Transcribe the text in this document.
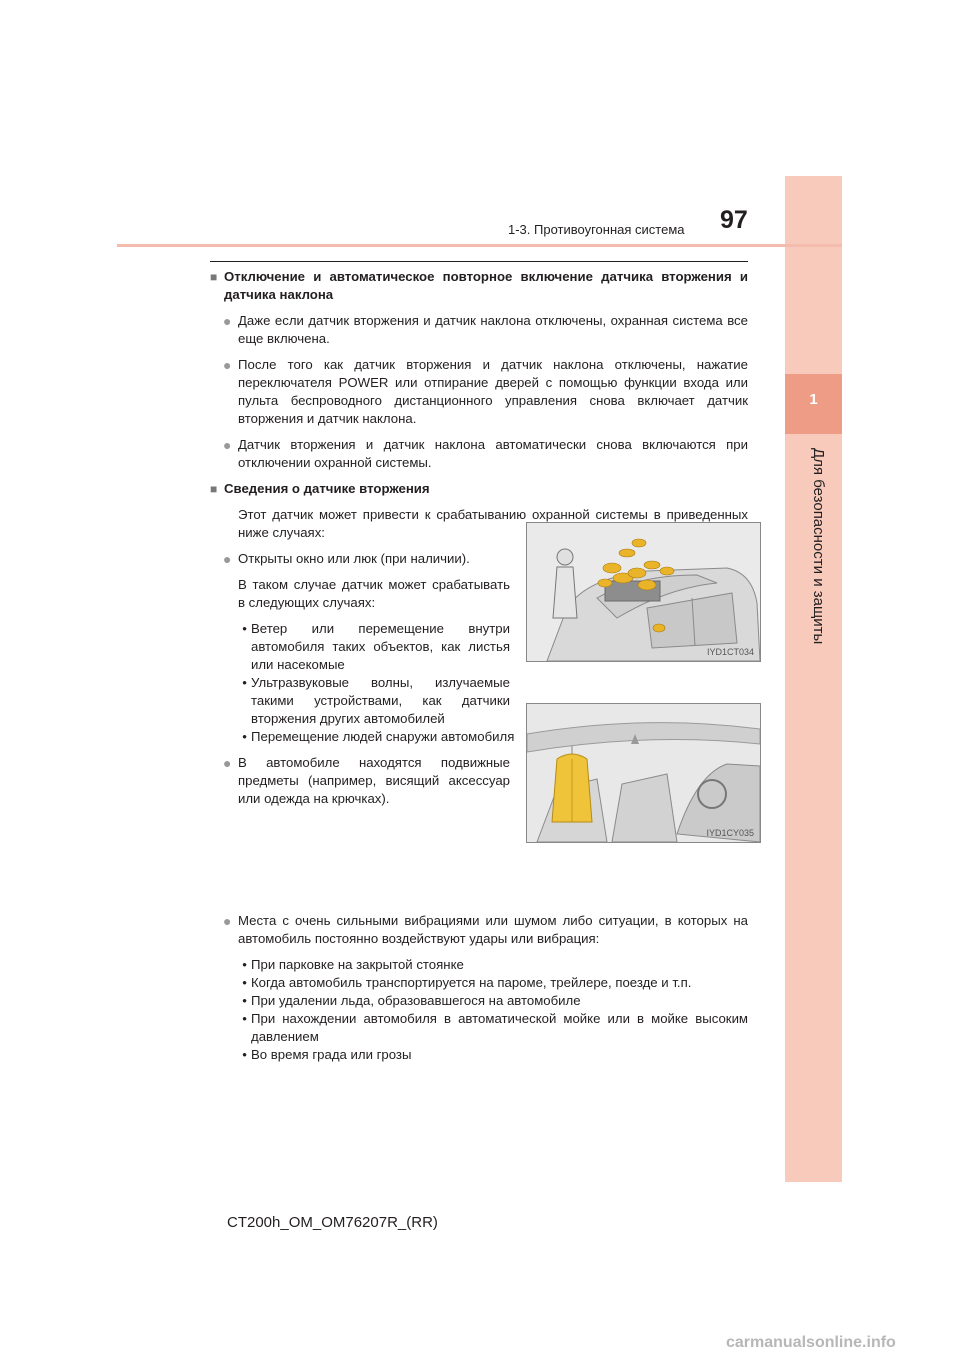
1
Для безопасности и защиты
1-3. Противоугонная система 97
■ Отключение и автоматическое повторное включение датчика вторжения и датчика наклона
● Даже если датчик вторжения и датчик наклона отключены, охранная система все еще включена.

● После того как датчик вторжения и датчик наклона отключены, нажатие переключателя POWER или отпирание дверей с помощью функции входа или пульта беспроводного дистанционного управления снова включает датчик вторжения и датчик наклона.

● Датчик вторжения и датчик наклона автоматически снова включаются при отключении охранной системы.

■ Сведения о датчике вторжения

Этот датчик может привести к срабатыванию охранной системы в приведенных ниже случаях:

● Открыты окно или люк (при наличии).

В таком случае датчик может срабатывать в следующих случаях:

• Ветер или перемещение внутри автомобиля таких объектов, как листья или насекомые
• Ультразвуковые волны, излучаемые такими устройствами, как датчики вторжения других автомобилей
• Перемещение людей снаружи автомобиля
● В автомобиле находятся подвижные предметы (например, висящий аксессуар или одежда на крючках).

● Места с очень сильными вибрациями или шумом либо ситуации, в которых на автомобиль постоянно воздействуют удары или вибрация:

• При парковке на закрытой стоянке
• Когда автомобиль транспортируется на пароме, трейлере, поезде и т.п.
• При удалении льда, образовавшегося на автомобиле
• При нахождении автомобиля в автоматической мойке или в мойке высоким давлением
• Во время града или грозы
IYD1CT034
IYD1CY035
CT200h_OM_OM76207R_(RR)
carmanualsonline.info
